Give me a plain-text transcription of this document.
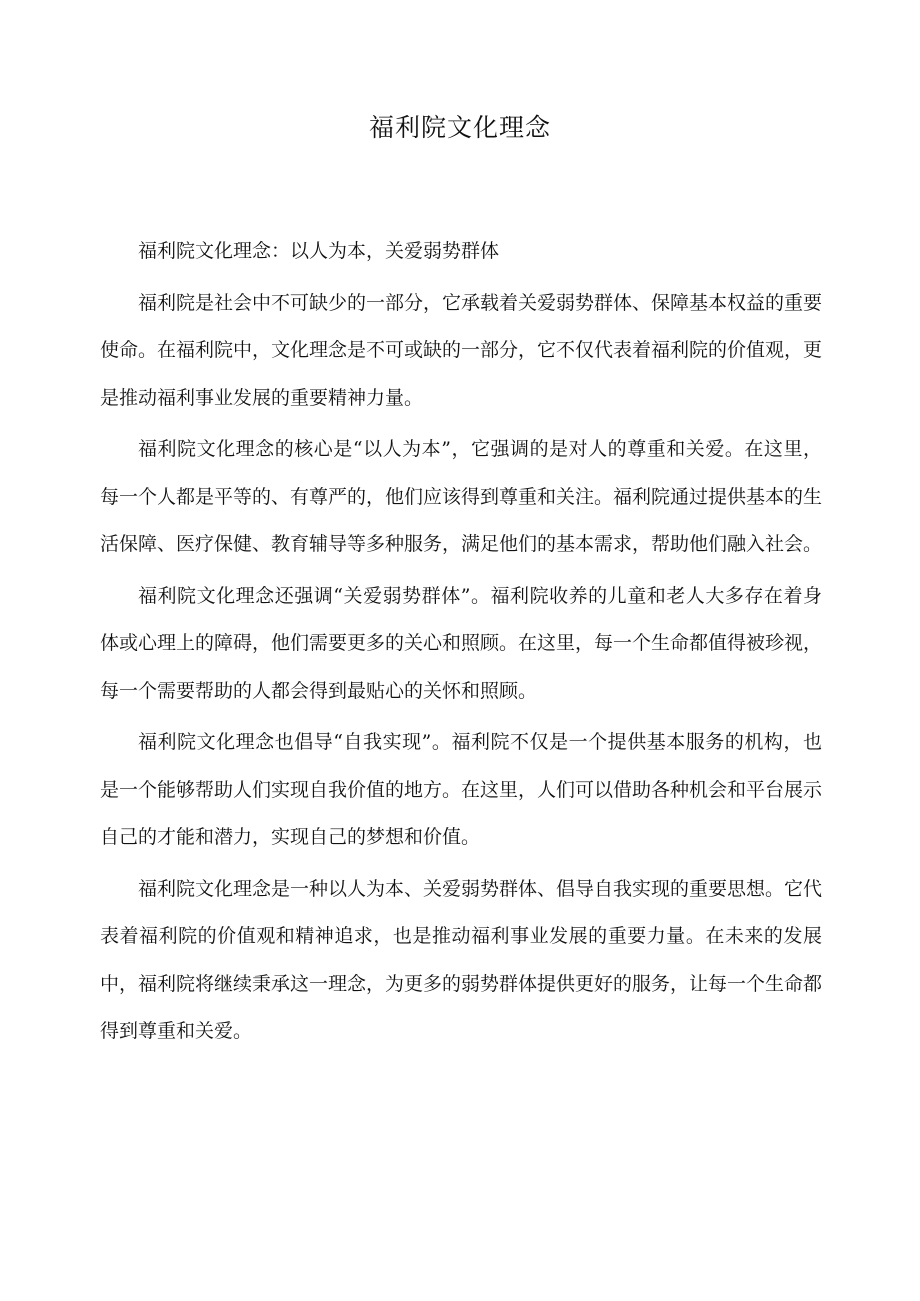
福利院文化理念

福利院文化理念：以人为本，关爱弱势群体

福利院是社会中不可缺少的一部分，它承载着关爱弱势群体、保障基本权益的重要使命。在福利院中，文化理念是不可或缺的一部分，它不仅代表着福利院的价值观，更是推动福利事业发展的重要精神力量。

福利院文化理念的核心是“以人为本”，它强调的是对人的尊重和关爱。在这里，每一个人都是平等的、有尊严的，他们应该得到尊重和关注。福利院通过提供基本的生活保障、医疗保健、教育辅导等多种服务，满足他们的基本需求，帮助他们融入社会。

福利院文化理念还强调“关爱弱势群体”。福利院收养的儿童和老人大多存在着身体或心理上的障碍，他们需要更多的关心和照顾。在这里，每一个生命都值得被珍视，每一个需要帮助的人都会得到最贴心的关怀和照顾。

福利院文化理念也倡导“自我实现”。福利院不仅是一个提供基本服务的机构，也是一个能够帮助人们实现自我价值的地方。在这里，人们可以借助各种机会和平台展示自己的才能和潜力，实现自己的梦想和价值。

福利院文化理念是一种以人为本、关爱弱势群体、倡导自我实现的重要思想。它代表着福利院的价值观和精神追求，也是推动福利事业发展的重要力量。在未来的发展中，福利院将继续秉承这一理念，为更多的弱势群体提供更好的服务，让每一个生命都得到尊重和关爱。
